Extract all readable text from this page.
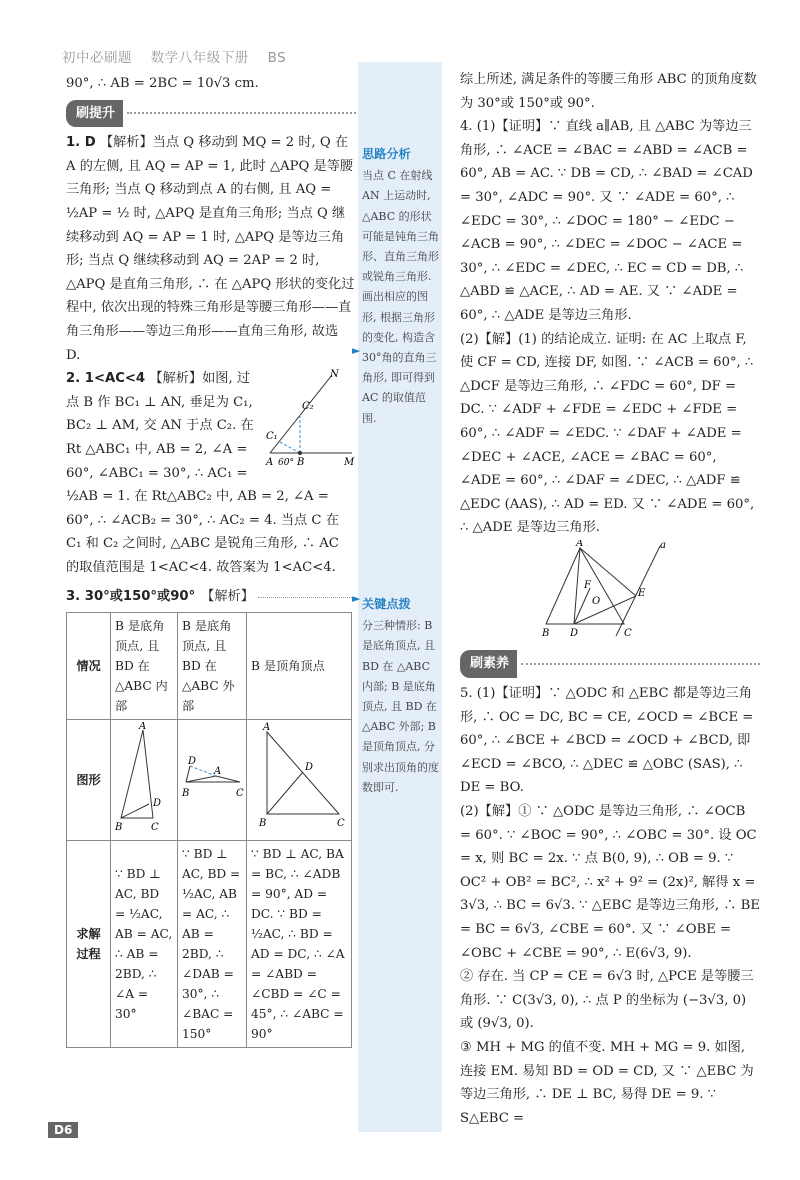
初中必刷题 数学八年级下册 BS

90°, ∴ AB = 2BC = 10√3 cm.

刷提升

1. D 【解析】当点 Q 移动到 MQ = 2 时, Q 在 A 的左侧, 且 AQ = AP = 1, 此时 △APQ 是等腰三角形; 当点 Q 移动到点 A 的右侧, 且 AQ = ½AP = ½ 时, △APQ 是直角三角形; 当点 Q 继续移动到 AQ = AP = 1 时, △APQ 是等边三角形; 当点 Q 继续移动到 AQ = 2AP = 2 时, △APQ 是直角三角形, ∴ 在 △APQ 形状的变化过程中, 依次出现的特殊三角形是等腰三角形——直角三角形——等边三角形——直角三角形, 故选 D.

N
C₂
C₁
A 60° B	M

2. 1<AC<4 【解析】如图, 过点 B 作 BC₁ ⊥ AN, 垂足为 C₁, BC₂ ⊥ AM, 交 AN 于点 C₂. 在 Rt △ABC₁ 中, AB = 2, ∠A = 60°, ∠ABC₁ = 30°, ∴ AC₁ = ½AB = 1. 在 Rt△ABC₂ 中, AB = 2, ∠A = 60°, ∴ ∠ACB₂ = 30°, ∴ AC₂ = 4. 当点 C 在 C₁ 和 C₂ 之间时, △ABC 是锐角三角形, ∴ AC 的取值范围是 1<AC<4. 故答案为 1<AC<4.

3. 30°或150°或90° 【解析】
情况	B 是底角顶点, 且 BD 在 △ABC 内部	B 是底角顶点, 且 BD 在 △ABC 外部	B 是顶角顶点
图形	A
D
B C	D
A
B C	A
D
B C

求解过程	∵ BD ⊥ AC, BD = ½AC, AB = AC, ∴ AB = 2BD, ∴ ∠A = 30°	∵ BD ⊥ AC, BD = ½AC, AB = AC, ∴ AB = 2BD, ∴ ∠DAB = 30°, ∴ ∠BAC = 150°	∵ BD ⊥ AC, BA = BC, ∴ ∠ADB = 90°, AD = DC. ∵ BD = ½AC, ∴ BD = AD = DC, ∴ ∠A = ∠ABD = ∠CBD = ∠C = 45°, ∴ ∠ABC = 90°
D6
思路分析
当点 C 在射线 AN 上运动时, △ABC 的形状可能是钝角三角形、直角三角形或锐角三角形. 画出相应的图形, 根据三角形的变化, 构造含 30°角的直角三角形, 即可得到 AC 的取值范围.
关键点拨
分三种情形: B 是底角顶点, 且 BD 在 △ABC 内部; B 是底角顶点, 且 BD 在 △ABC 外部; B 是顶角顶点, 分别求出顶角的度数即可.
►
►

综上所述, 满足条件的等腰三角形 ABC 的顶角度数为 30°或 150°或 90°.

4. (1)【证明】∵ 直线 a∥AB, 且 △ABC 为等边三角形, ∴ ∠ACE = ∠BAC = ∠ABD = ∠ACB = 60°, AB = AC. ∵ DB = CD, ∴ ∠BAD = ∠CAD = 30°, ∠ADC = 90°. 又 ∵ ∠ADE = 60°, ∴ ∠EDC = 30°, ∴ ∠DOC = 180° − ∠EDC − ∠ACB = 90°, ∴ ∠DEC = ∠DOC − ∠ACE = 30°, ∴ ∠EDC = ∠DEC, ∴ EC = CD = DB, ∴ △ABD ≌ △ACE, ∴ AD = AE. 又 ∵ ∠ADE = 60°, ∴ △ADE 是等边三角形.

(2)【解】(1) 的结论成立. 证明: 在 AC 上取点 F, 使 CF = CD, 连接 DF, 如图. ∵ ∠ACB = 60°, ∴ △DCF 是等边三角形, ∴ ∠FDC = 60°, DF = DC. ∵ ∠ADF + ∠FDE = ∠EDC + ∠FDE = 60°, ∴ ∠ADF = ∠EDC. ∵ ∠DAF + ∠ADE = ∠DEC + ∠ACE, ∠ACE = ∠BAC = 60°, ∠ADE = 60°, ∴ ∠DAF = ∠DEC, ∴ △ADF ≌ △EDC (AAS), ∴ AD = ED. 又 ∵ ∠ADE = 60°, ∴ △ADE 是等边三角形.

A	a
F
O
E
B D	C
刷素养

5. (1)【证明】∵ △ODC 和 △EBC 都是等边三角形, ∴ OC = DC, BC = CE, ∠OCD = ∠BCE = 60°, ∴ ∠BCE + ∠BCD = ∠OCD + ∠BCD, 即 ∠ECD = ∠BCO, ∴ △DEC ≌ △OBC (SAS), ∴ DE = BO.

(2)【解】① ∵ △ODC 是等边三角形, ∴ ∠OCB = 60°. ∵ ∠BOC = 90°, ∴ ∠OBC = 30°. 设 OC = x, 则 BC = 2x. ∵ 点 B(0, 9), ∴ OB = 9. ∵ OC² + OB² = BC², ∴ x² + 9² = (2x)², 解得 x = 3√3, ∴ BC = 6√3. ∵ △EBC 是等边三角形, ∴ BE = BC = 6√3, ∠CBE = 60°. 又 ∵ ∠OBE = ∠OBC + ∠CBE = 90°, ∴ E(6√3, 9).

② 存在. 当 CP = CE = 6√3 时, △PCE 是等腰三角形. ∵ C(3√3, 0), ∴ 点 P 的坐标为 (−3√3, 0) 或 (9√3, 0).

③ MH + MG 的值不变. MH + MG = 9. 如图, 连接 EM. 易知 BD = OD = CD, 又 ∵ △EBC 为等边三角形, ∴ DE ⊥ BC, 易得 DE = 9. ∵ S△EBC =
